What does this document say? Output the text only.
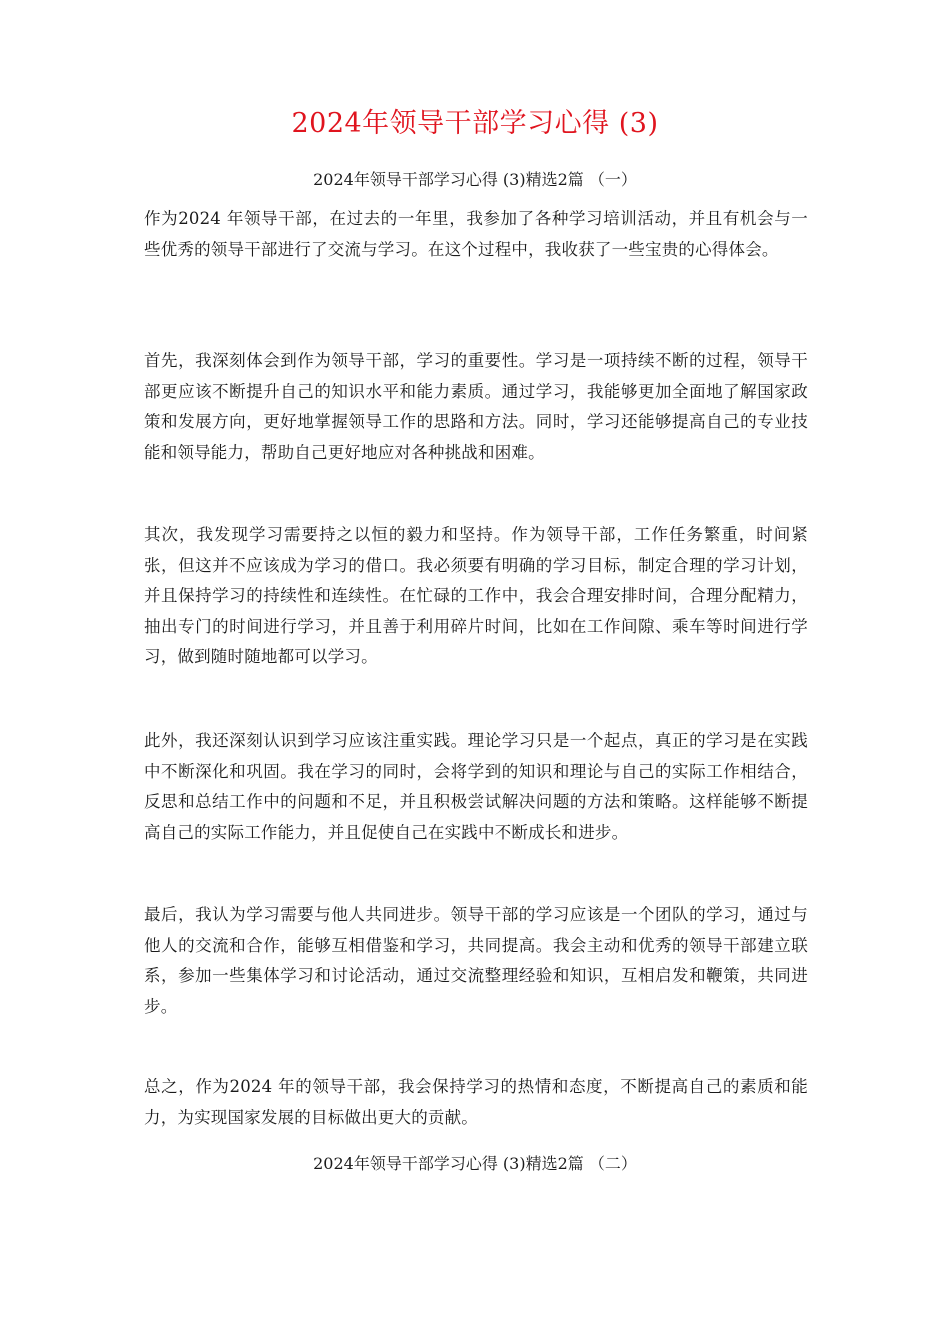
2024年领导干部学习心得 (3)
2024年领导干部学习心得 (3)精选2篇 （一）

作为2024 年领导干部，在过去的一年里，我参加了各种学习培训活动，并且有机会与一些优秀的领导干部进行了交流与学习。在这个过程中，我收获了一些宝贵的心得体会。

首先，我深刻体会到作为领导干部，学习的重要性。学习是一项持续不断的过程，领导干部更应该不断提升自己的知识水平和能力素质。通过学习，我能够更加全面地了解国家政策和发展方向，更好地掌握领导工作的思路和方法。同时，学习还能够提高自己的专业技能和领导能力，帮助自己更好地应对各种挑战和困难。

其次，我发现学习需要持之以恒的毅力和坚持。作为领导干部，工作任务繁重，时间紧张，但这并不应该成为学习的借口。我必须要有明确的学习目标，制定合理的学习计划，并且保持学习的持续性和连续性。在忙碌的工作中，我会合理安排时间，合理分配精力，抽出专门的时间进行学习，并且善于利用碎片时间，比如在工作间隙、乘车等时间进行学习，做到随时随地都可以学习。

此外，我还深刻认识到学习应该注重实践。理论学习只是一个起点，真正的学习是在实践中不断深化和巩固。我在学习的同时，会将学到的知识和理论与自己的实际工作相结合，反思和总结工作中的问题和不足，并且积极尝试解决问题的方法和策略。这样能够不断提高自己的实际工作能力，并且促使自己在实践中不断成长和进步。

最后，我认为学习需要与他人共同进步。领导干部的学习应该是一个团队的学习，通过与他人的交流和合作，能够互相借鉴和学习，共同提高。我会主动和优秀的领导干部建立联系，参加一些集体学习和讨论活动，通过交流整理经验和知识，互相启发和鞭策，共同进步。

总之，作为2024 年的领导干部，我会保持学习的热情和态度，不断提高自己的素质和能力，为实现国家发展的目标做出更大的贡献。

2024年领导干部学习心得 (3)精选2篇 （二）
